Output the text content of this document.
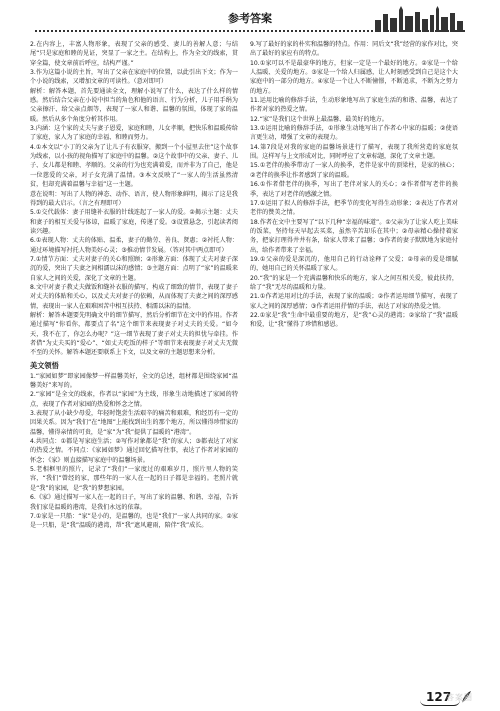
参考答案

2.在内容上，丰富人物形象，表现了父亲的感受、妻儿的善解人意；与结尾“只是家庭和睦的见证，突显了一家之主。在结构上，作为全文的线索，贯穿全篇，使文章前后呼应，结构严谨。”

3.作为这篇小说的主旨，写出了父亲在家庭中的位置，以此引出下文；作为一个小说的线索，又增加文章的可读性。（意对即可）

解析：解答本题，首先要通读全文，理解小说写了什么，表达了什么样的情感。然后结合父亲在小说中担当的角色和他的语言、行为分析，儿子用手绢为父亲擦汗、给父亲点烟等，表现了一家人和谐、温馨的氛围，体现了家的温暖。然后从多个角度分析其作用。

3.内涵：这个家的丈夫与妻子恩爱，家庭和睦，儿女孝顺，把快乐和温暖传给了家庭，家人为了家庭的幸福、和睦而努力。

4.①本文以“小丁的父亲为了让儿子有衣服穿，搬到一个小屋里去住”这个故事为线索，以小孩的视角描写了家庭中的温馨。②这个故事中的父亲、妻子、儿子、女儿都是和睦、孝顺的。父亲的行为也充满着爱，而并非为了自己，他是一位慈爱的父亲，对子女充满了温情。③本文反映了“一家人的生活虽然清贫，但却充满着温馨与幸福”这一主题。

意在说明：写出了人物的神态、动作、语言，使人物形象鲜明，揭示了这是我得到的最大启示。（言之有理即可）

5.①交代载体：妻子用缝补衣服的针线连起了一家人的爱。②揭示主题：丈夫和妻子的相互关爱与体谅，温暖了家庭，传递了爱。③设置悬念，引起读者阅读兴趣。

6.①表现人物：丈夫的体贴、温柔，妻子的勤劳、善良、贤惠；②衬托人物：通过环境描写衬托人物美好心灵；③推动情节发展。（答对其中两点即可）

7.①情节方面：丈夫对妻子的关心和照顾；②形象方面：体现了丈夫对妻子深沉的爱，突出了夫妻之间相濡以沫的感情；③主题方面：点明了“家”的温暖来自家人之间的关爱，深化了文章的主题。

8.文中对妻子教丈夫做饭和缝补衣服的描写，构成了细致的情节，表现了妻子对丈夫的体贴和关心，以及丈夫对妻子的依赖，从而体现了夫妻之间的深厚感情，表现出一家人在艰难困苦中相互扶持、相濡以沫的温情。

解析：解答本题要先明确文中的细节描写，然后分析细节在文中的作用。作者通过描写“你看你，都要点了名”这个细节来表现妻子对丈夫的关爱。“如今天，我不在了，你怎么办呢？”这一细节表现了妻子对丈夫的担忧与牵挂。作者借“为丈夫买的“爱心”、“如丈夫吃饭的样子”等细节来表现妻子对丈夫无微不至的关怀。解答本题还要联系上下文，以及文章的主题思想来分析。

美文领悟

1.“家园如梦”即家园像梦一样温馨美好，全文的总述，组材都是围绕家园“温馨美好”来写的。

2.“家园”是全文的线索，作者以“家园”为主线，形象生动地描述了家园的特点，表现了作者对家园的热爱和怀念之情。

3.表现了从小缺少母爱，年轻时饱尝生活艰辛的痛苦和艰难，和经历有一定的因果关系。因为“我们”在“地图”上能找到出生的那个地方，所以懂得珍惜家的温馨，懂得亲情的可贵，是“家”为“我”提供了温暖的“港湾”。

4.共同点：①都是写家庭生活；②写作对象都是“我”的家人；③都表达了对家的热爱之情。不同点：《家园如梦》通过回忆描写往事，表达了作者对家园的怀念；《家》则直接描写家庭中的温馨场景。

5.老相框里的照片，记录了“我们”一家度过的艰难岁月，照片里人物的笑容，“我们”曾经的家，那些年的一家人在一起的日子都是幸福的。老照片就是“我”的家园，是“我”的梦想家园。

6.《家》通过描写一家人在一起的日子，写出了家的温馨、和谐、幸福，告诉我们家是温暖的港湾，是我们永远的依靠。

7.①家是一只船：“家”是小的，是温馨的，也是“我们”一家人共同的家。②家是一只船，是“我”温暖的港湾，帮“我”遮风避雨，陪伴“我”成长。

9.写了最好的家的朴实和温馨的特点。作用：同后文“我”经营的家作对比，突出了最好的家应有的特点。

10.①家可以不是最豪华的地方，但家一定是一个最好的地方。②家是一个给人温暖、关爱的地方。③家是一个给人归属感，让人时刻感受到自己是这个大家庭中的一部分的地方。④家是一个让人不断憧憬，不断追求，不断为之努力的地方。

11.运用比喻的修辞手法，生动形象地写出了家庭生活的和谐、温馨，表达了作者对家的热爱之情。

12.“家”是我们这个世界上最温馨、最美好的地方。

13.①运用比喻的修辞手法，①形象生动地写出了作者心中家的温暖；②使语言更生动，增强了文章的表现力。

14.第7段是对我的家庭的温馨场景进行了描写，表现了我所营造的家庭氛围。这样写与上文形成对比，同时呼应了文章标题，深化了文章主题。

15.①老伴的换季带动了一家人的换季，老伴是家中的顶梁柱，是家的核心；②老伴的换季让作者感到了家的温暖。

16.①作者借老伴的换季，写出了老伴对家人的关心；②作者借写老伴的换季，表达了对老伴的感激之情。

17.①运用了拟人的修辞手法，把季节的变化写得生动形象；②表达了作者对老伴的赞美之情。

18.作者在文中主要写了“以下几种“幸福的味道”。①父亲为了让家人吃上美味的饭菜，坚持每天早起去买菜，虽然辛苦却乐在其中；②母亲精心操持着家务，把家打理得井井有条，给家人带来了温馨；③作者的妻子默默地为家庭付出，给作者带来了幸福。

19.①父亲的爱是深沉的，他用自己的行动诠释了父爱；②母亲的爱是细腻的，她用自己的关怀温暖了家人。

20.“我”的家是一个充满温馨和快乐的地方，家人之间互相关爱，彼此扶持，给了“我”无尽的温暖和力量。

21.①作者运用对比的手法，表现了家的温暖；②作者运用细节描写，表现了家人之间的深厚感情；③作者运用抒情的手法，表达了对家的热爱之情。

22.①家是“我”生命中最重要的地方，是“我”心灵的港湾；②家给了“我”温暖和爱，让“我”懂得了珍惜和感恩。

127
答案圈
